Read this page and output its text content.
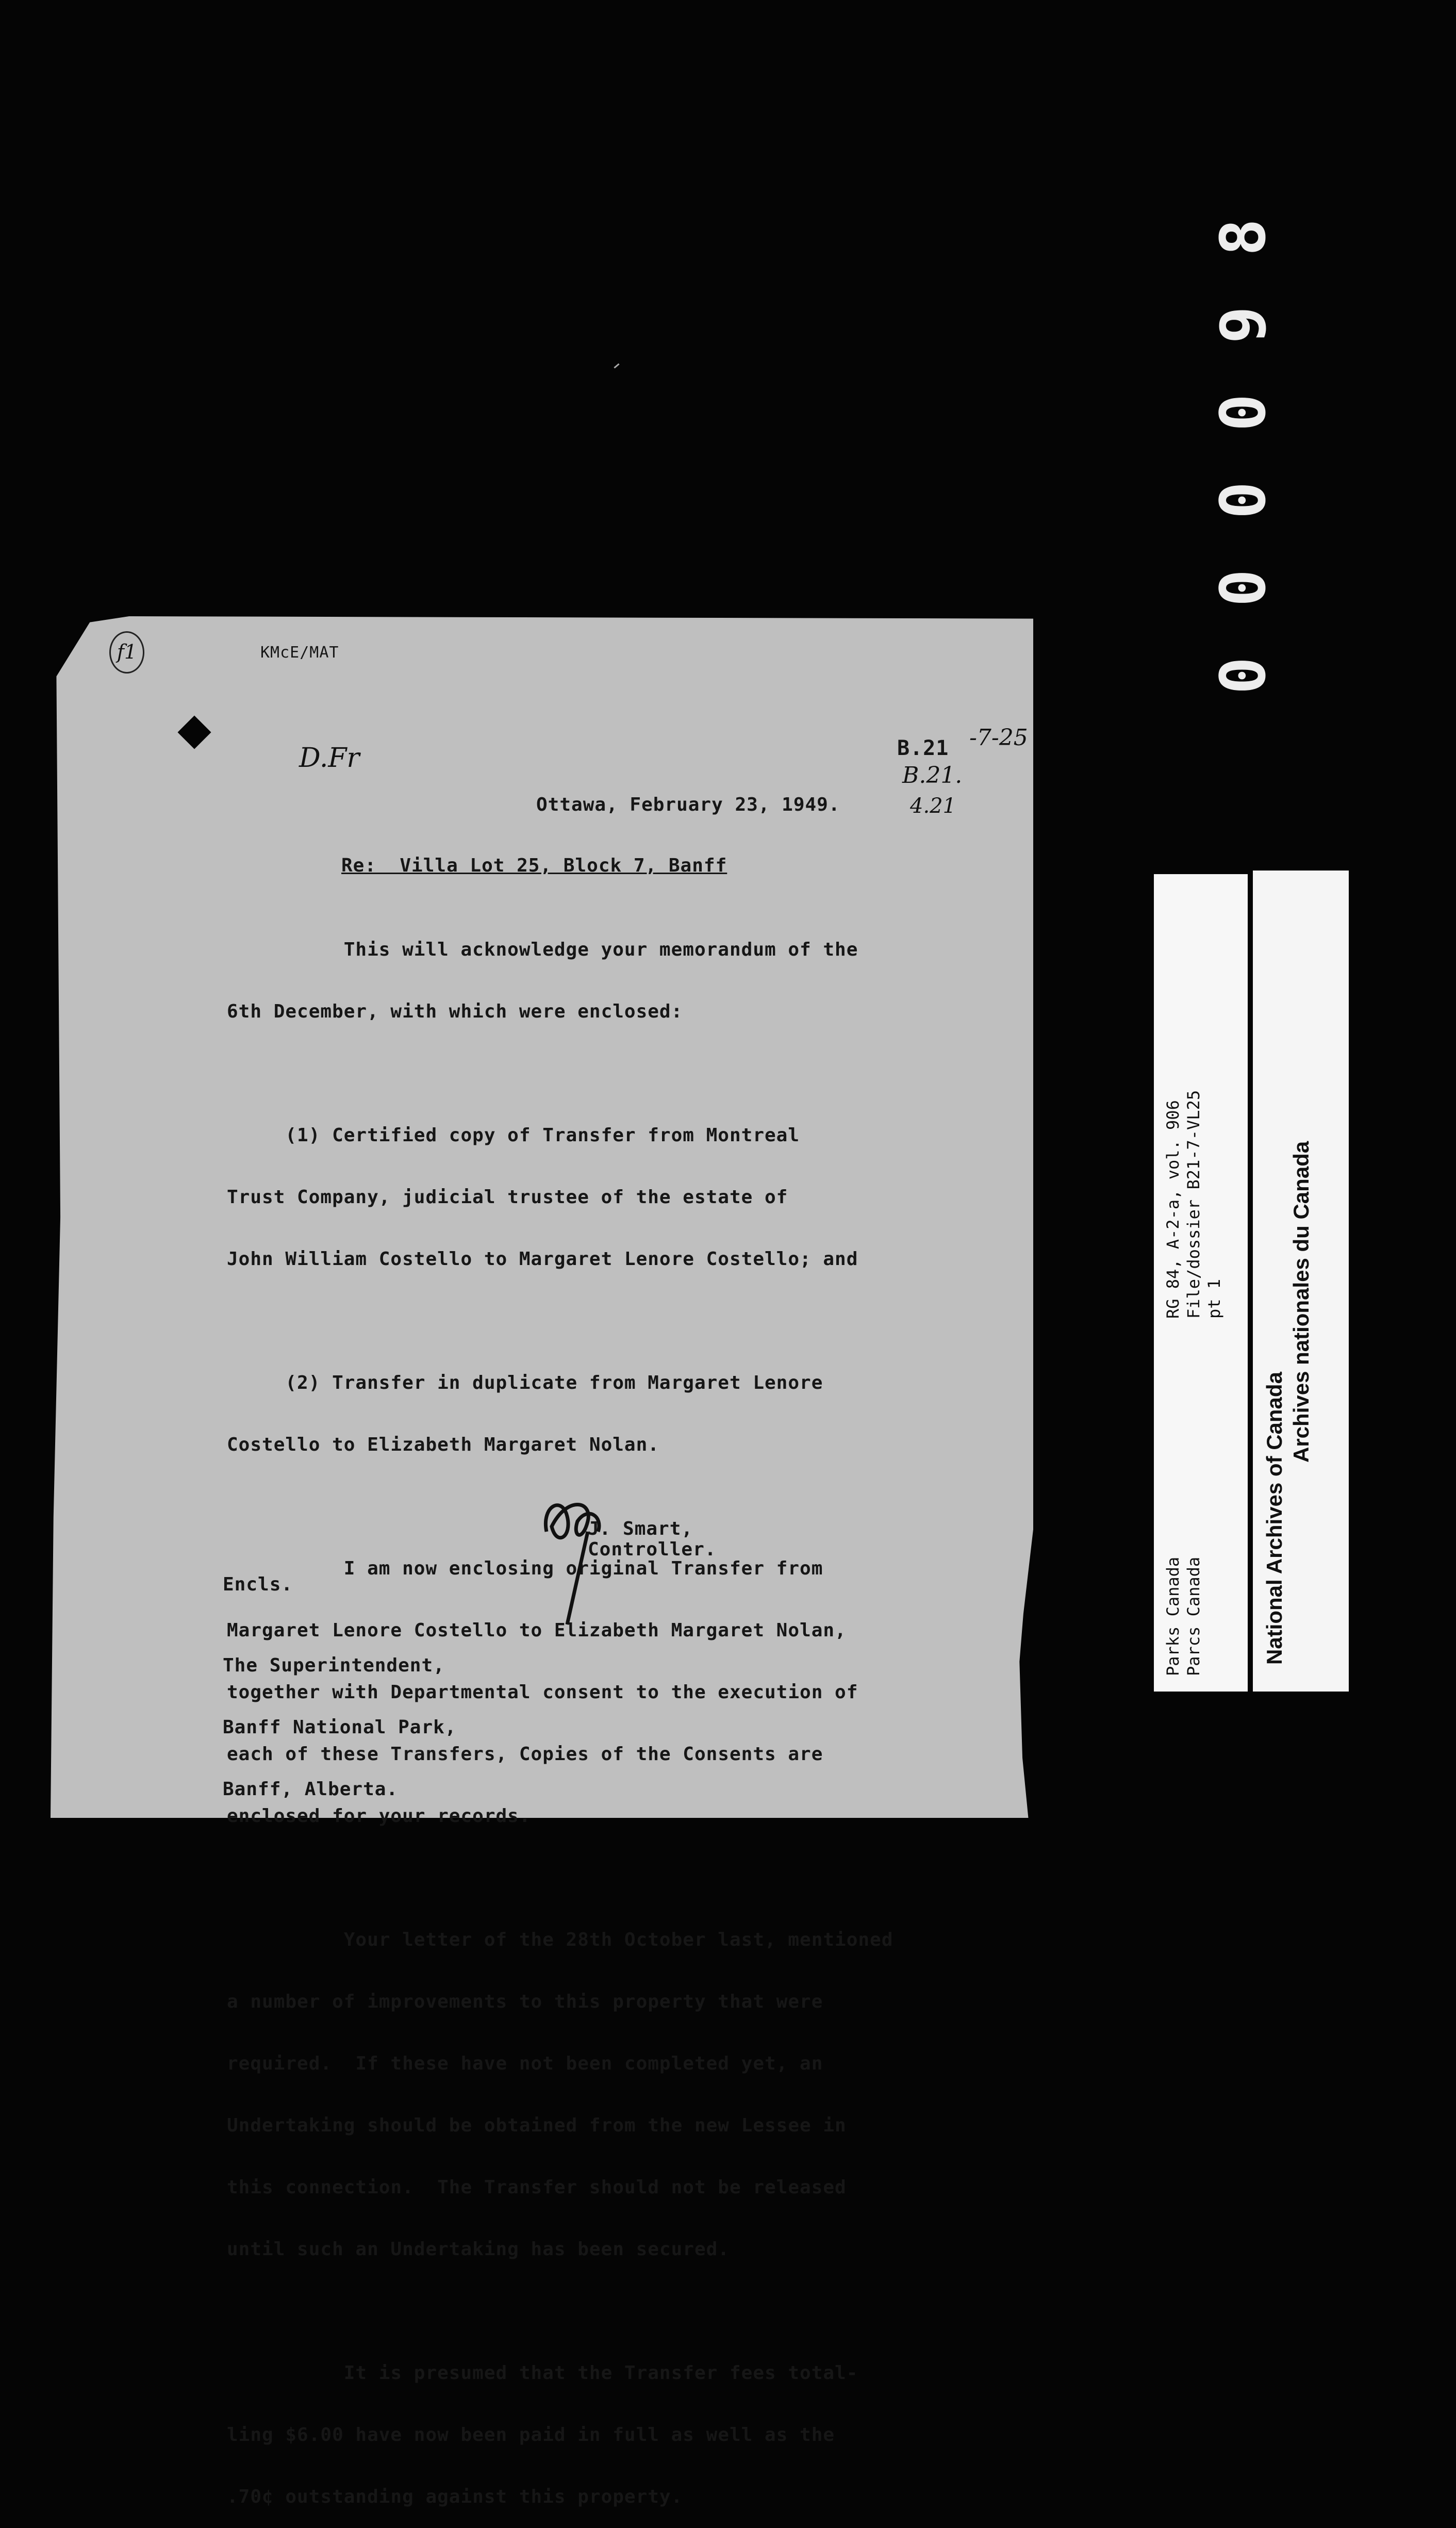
8
9
0
0
0
0
f1	KMcE/MAT
D.Fr	B.21 -7-25
B.21.
4.21
Ottawa, February 23, 1949.
Re:  Villa Lot 25, Block 7, Banff

This will acknowledge your memorandum of the

6th December, with which were enclosed:

(1) Certified copy of Transfer from Montreal

Trust Company, judicial trustee of the estate of

John William Costello to Margaret Lenore Costello; and

(2) Transfer in duplicate from Margaret Lenore

Costello to Elizabeth Margaret Nolan.

I am now enclosing original Transfer from

Margaret Lenore Costello to Elizabeth Margaret Nolan,

together with Departmental consent to the execution of

each of these Transfers, Copies of the Consents are

enclosed for your records.

Your letter of the 28th October last, mentioned

a number of improvements to this property that were

required.  If these have not been completed yet, an

Undertaking should be obtained from the new Lessee in

this connection.  The Transfer should not be released

until such an Undertaking has been secured.

It is presumed that the Transfer fees total-

ling $6.00 have now been paid in full as well as the

.70¢ outstanding against this property.

J. Smart,
Controller.
Encls.

The Superintendent,

Banff National Park,

Banff, Alberta.

RG 84, A-2-a, vol. 906 File/dossier B21-7-VL25 pt 1
Parks Canada Parcs Canada	National Archives of Canada
Archives nationales du Canada
